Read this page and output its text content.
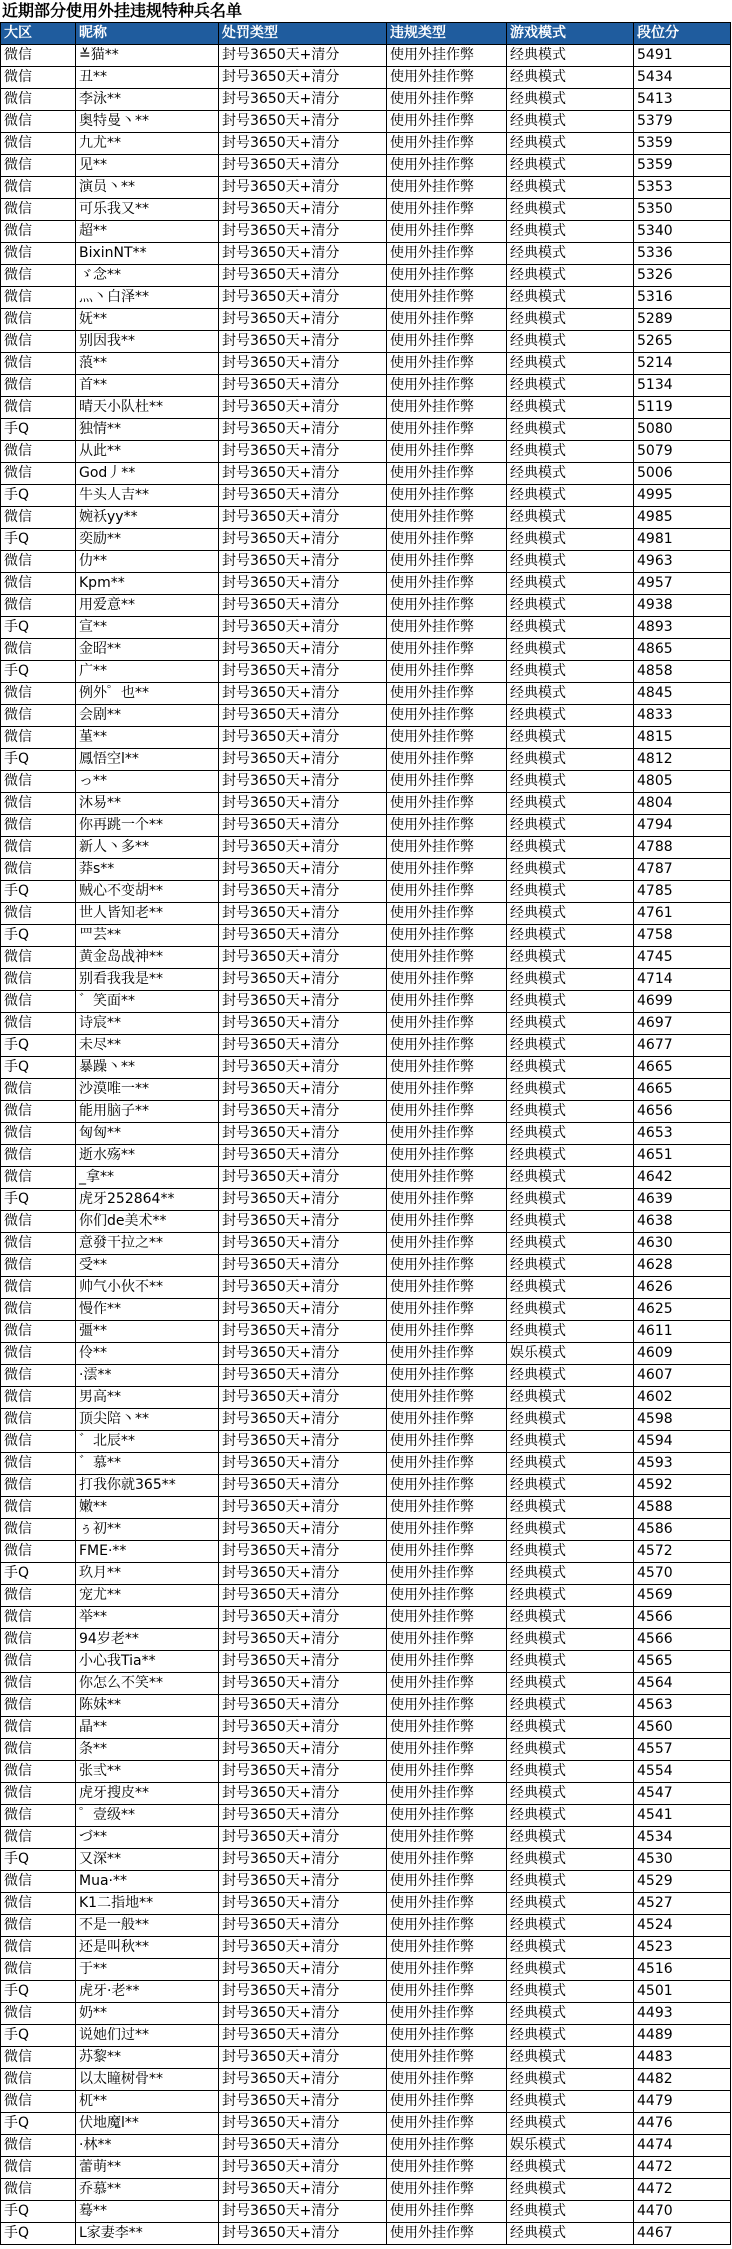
近期部分使用外挂违规特种兵名单
大区	昵称	处罚类型	违规类型	游戏模式	段位分
微信	≚猫**	封号3650天+清分	使用外挂作弊	经典模式	5491
微信	丑**	封号3650天+清分	使用外挂作弊	经典模式	5434
微信	李泳**	封号3650天+清分	使用外挂作弊	经典模式	5413
微信	奥特曼丶**	封号3650天+清分	使用外挂作弊	经典模式	5379
微信	九尤**	封号3650天+清分	使用外挂作弊	经典模式	5359
微信	见**	封号3650天+清分	使用外挂作弊	经典模式	5359
微信	演员丶**	封号3650天+清分	使用外挂作弊	经典模式	5353
微信	可乐我又**	封号3650天+清分	使用外挂作弊	经典模式	5350
微信	超**	封号3650天+清分	使用外挂作弊	经典模式	5340
微信	BixinNT**	封号3650天+清分	使用外挂作弊	经典模式	5336
微信	ゞ念**	封号3650天+清分	使用外挂作弊	经典模式	5326
微信	灬丶白泽**	封号3650天+清分	使用外挂作弊	经典模式	5316
微信	妩**	封号3650天+清分	使用外挂作弊	经典模式	5289
微信	别因我**	封号3650天+清分	使用外挂作弊	经典模式	5265
微信	蒗**	封号3650天+清分	使用外挂作弊	经典模式	5214
微信	首**	封号3650天+清分	使用外挂作弊	经典模式	5134
微信	晴天小队杜**	封号3650天+清分	使用外挂作弊	经典模式	5119
手Q	独情**	封号3650天+清分	使用外挂作弊	经典模式	5080
微信	从此**	封号3650天+清分	使用外挂作弊	经典模式	5079
微信	God丿**	封号3650天+清分	使用外挂作弊	经典模式	5006
手Q	牛头人吉**	封号3650天+清分	使用外挂作弊	经典模式	4995
微信	婉袄yy**	封号3650天+清分	使用外挂作弊	经典模式	4985
手Q	奕励**	封号3650天+清分	使用外挂作弊	经典模式	4981
微信	仂**	封号3650天+清分	使用外挂作弊	经典模式	4963
微信	Kpm**	封号3650天+清分	使用外挂作弊	经典模式	4957
微信	用爱意**	封号3650天+清分	使用外挂作弊	经典模式	4938
手Q	宣**	封号3650天+清分	使用外挂作弊	经典模式	4893
微信	金昭**	封号3650天+清分	使用外挂作弊	经典模式	4865
手Q	广**	封号3650天+清分	使用外挂作弊	经典模式	4858
微信	例外゜也**	封号3650天+清分	使用外挂作弊	经典模式	4845
微信	会剧**	封号3650天+清分	使用外挂作弊	经典模式	4833
微信	堇**	封号3650天+清分	使用外挂作弊	经典模式	4815
手Q	鳳悟空l**	封号3650天+清分	使用外挂作弊	经典模式	4812
微信	っ**	封号3650天+清分	使用外挂作弊	经典模式	4805
微信	沐易**	封号3650天+清分	使用外挂作弊	经典模式	4804
微信	你再跳一个**	封号3650天+清分	使用外挂作弊	经典模式	4794
微信	新人丶多**	封号3650天+清分	使用外挂作弊	经典模式	4788
微信	莽s**	封号3650天+清分	使用外挂作弊	经典模式	4787
手Q	贼心不变胡**	封号3650天+清分	使用外挂作弊	经典模式	4785
微信	世人皆知老**	封号3650天+清分	使用外挂作弊	经典模式	4761
手Q	罒芸**	封号3650天+清分	使用外挂作弊	经典模式	4758
微信	黄金岛战神**	封号3650天+清分	使用外挂作弊	经典模式	4745
微信	别看我我是**	封号3650天+清分	使用外挂作弊	经典模式	4714
微信	゛笑面**	封号3650天+清分	使用外挂作弊	经典模式	4699
微信	诗宸**	封号3650天+清分	使用外挂作弊	经典模式	4697
手Q	未尽**	封号3650天+清分	使用外挂作弊	经典模式	4677
手Q	暴躁丶**	封号3650天+清分	使用外挂作弊	经典模式	4665
微信	沙漠唯一**	封号3650天+清分	使用外挂作弊	经典模式	4665
微信	能用脑子**	封号3650天+清分	使用外挂作弊	经典模式	4656
微信	匈匈**	封号3650天+清分	使用外挂作弊	经典模式	4653
微信	逝水殇**	封号3650天+清分	使用外挂作弊	经典模式	4651
微信	_拿**	封号3650天+清分	使用外挂作弊	经典模式	4642
手Q	虎牙252864**	封号3650天+清分	使用外挂作弊	经典模式	4639
微信	你们de美术**	封号3650天+清分	使用外挂作弊	经典模式	4638
微信	意發干拉之**	封号3650天+清分	使用外挂作弊	经典模式	4630
微信	受**	封号3650天+清分	使用外挂作弊	经典模式	4628
微信	帅气小伙不**	封号3650天+清分	使用外挂作弊	经典模式	4626
微信	慢作**	封号3650天+清分	使用外挂作弊	经典模式	4625
微信	彊**	封号3650天+清分	使用外挂作弊	经典模式	4611
微信	伶**	封号3650天+清分	使用外挂作弊	娱乐模式	4609
微信	·澐**	封号3650天+清分	使用外挂作弊	经典模式	4607
微信	男高**	封号3650天+清分	使用外挂作弊	经典模式	4602
微信	顶尖陪丶**	封号3650天+清分	使用外挂作弊	经典模式	4598
微信	゛北辰**	封号3650天+清分	使用外挂作弊	经典模式	4594
微信	゛慕**	封号3650天+清分	使用外挂作弊	经典模式	4593
微信	打我你就365**	封号3650天+清分	使用外挂作弊	经典模式	4592
微信	嫩**	封号3650天+清分	使用外挂作弊	经典模式	4588
微信	ぅ初**	封号3650天+清分	使用外挂作弊	经典模式	4586
微信	FME·**	封号3650天+清分	使用外挂作弊	经典模式	4572
手Q	玖月**	封号3650天+清分	使用外挂作弊	经典模式	4570
微信	宠尤**	封号3650天+清分	使用外挂作弊	经典模式	4569
微信	举**	封号3650天+清分	使用外挂作弊	经典模式	4566
微信	94岁老**	封号3650天+清分	使用外挂作弊	经典模式	4566
微信	小心我Tia**	封号3650天+清分	使用外挂作弊	经典模式	4565
微信	你怎么不笑**	封号3650天+清分	使用外挂作弊	经典模式	4564
微信	陈妹**	封号3650天+清分	使用外挂作弊	经典模式	4563
微信	晶**	封号3650天+清分	使用外挂作弊	经典模式	4560
微信	条**	封号3650天+清分	使用外挂作弊	经典模式	4557
微信	张弎**	封号3650天+清分	使用外挂作弊	经典模式	4554
微信	虎牙搜皮**	封号3650天+清分	使用外挂作弊	经典模式	4547
微信	゜壹级**	封号3650天+清分	使用外挂作弊	经典模式	4541
微信	づ**	封号3650天+清分	使用外挂作弊	经典模式	4534
手Q	又深**	封号3650天+清分	使用外挂作弊	经典模式	4530
微信	Mua·**	封号3650天+清分	使用外挂作弊	经典模式	4529
微信	K1二指地**	封号3650天+清分	使用外挂作弊	经典模式	4527
微信	不是一般**	封号3650天+清分	使用外挂作弊	经典模式	4524
微信	还是叫秋**	封号3650天+清分	使用外挂作弊	经典模式	4523
微信	于**	封号3650天+清分	使用外挂作弊	经典模式	4516
手Q	虎牙·老**	封号3650天+清分	使用外挂作弊	经典模式	4501
微信	奶**	封号3650天+清分	使用外挂作弊	经典模式	4493
手Q	说她们过**	封号3650天+清分	使用外挂作弊	经典模式	4489
微信	苏黎**	封号3650天+清分	使用外挂作弊	经典模式	4483
微信	以太瞳树骨**	封号3650天+清分	使用外挂作弊	经典模式	4482
微信	杌**	封号3650天+清分	使用外挂作弊	经典模式	4479
手Q	伏地魔l**	封号3650天+清分	使用外挂作弊	经典模式	4476
微信	·林**	封号3650天+清分	使用外挂作弊	娱乐模式	4474
微信	蕾萌**	封号3650天+清分	使用外挂作弊	经典模式	4472
微信	乔慕**	封号3650天+清分	使用外挂作弊	经典模式	4472
手Q	蓦**	封号3650天+清分	使用外挂作弊	经典模式	4470
手Q	L家妻李**	封号3650天+清分	使用外挂作弊	经典模式	4467
